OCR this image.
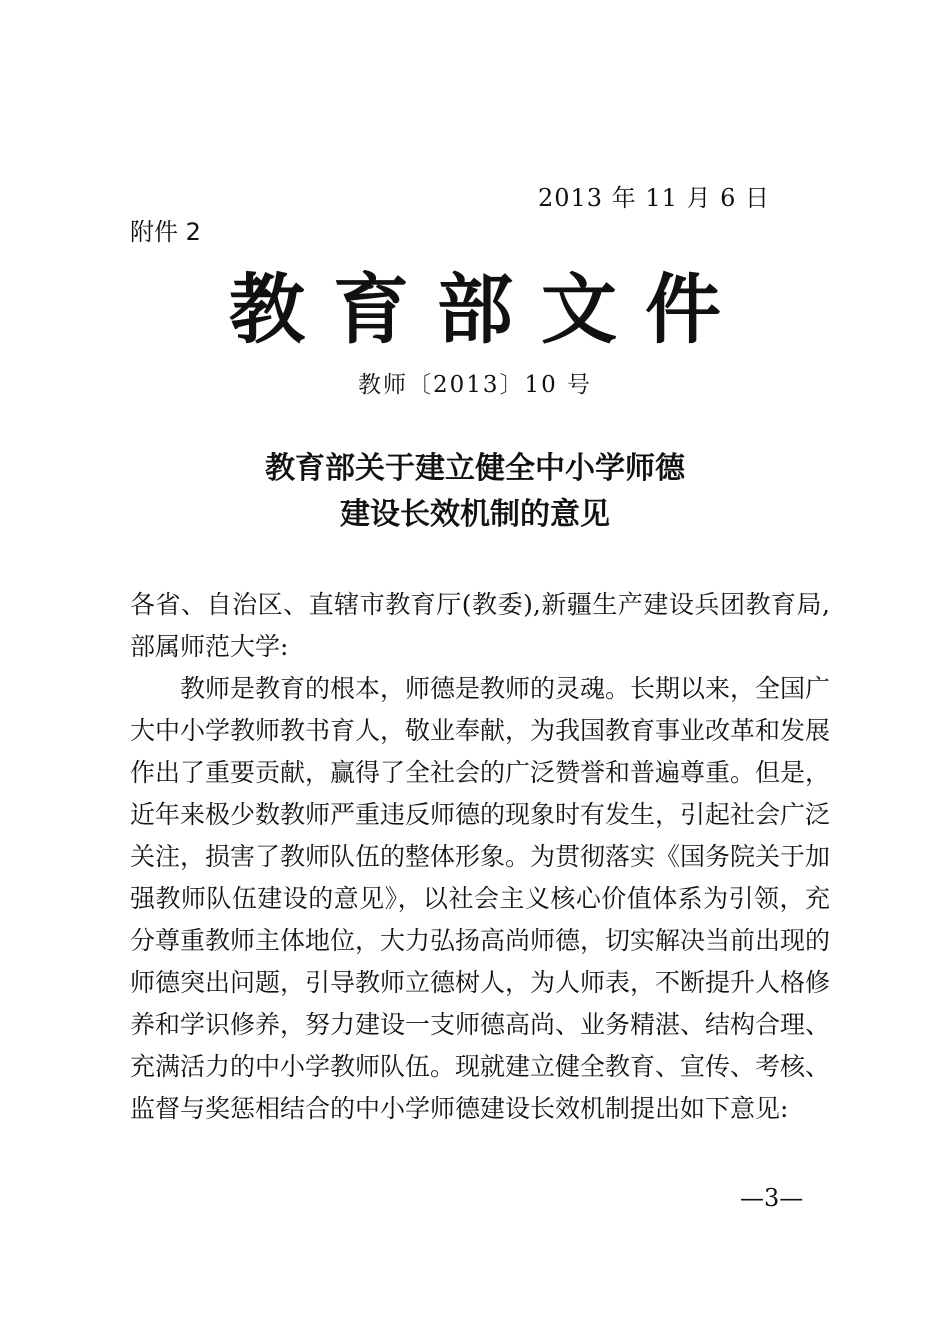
2013 年 11 月 6 日
附件 2
教育部文件
教师〔2013〕10 号
教育部关于建立健全中小学师德
建设长效机制的意见

各省、自治区、直辖市教育厅(教委),新疆生产建设兵团教育局,部属师范大学:

教师是教育的根本，师德是教师的灵魂。长期以来，全国广大中小学教师教书育人，敬业奉献，为我国教育事业改革和发展作出了重要贡献，赢得了全社会的广泛赞誉和普遍尊重。但是，近年来极少数教师严重违反师德的现象时有发生，引起社会广泛关注，损害了教师队伍的整体形象。为贯彻落实《国务院关于加强教师队伍建设的意见》，以社会主义核心价值体系为引领，充分尊重教师主体地位，大力弘扬高尚师德，切实解决当前出现的师德突出问题，引导教师立德树人，为人师表，不断提升人格修养和学识修养，努力建设一支师德高尚、业务精湛、结构合理、充满活力的中小学教师队伍。现就建立健全教育、宣传、考核、监督与奖惩相结合的中小学师德建设长效机制提出如下意见:

—3—
